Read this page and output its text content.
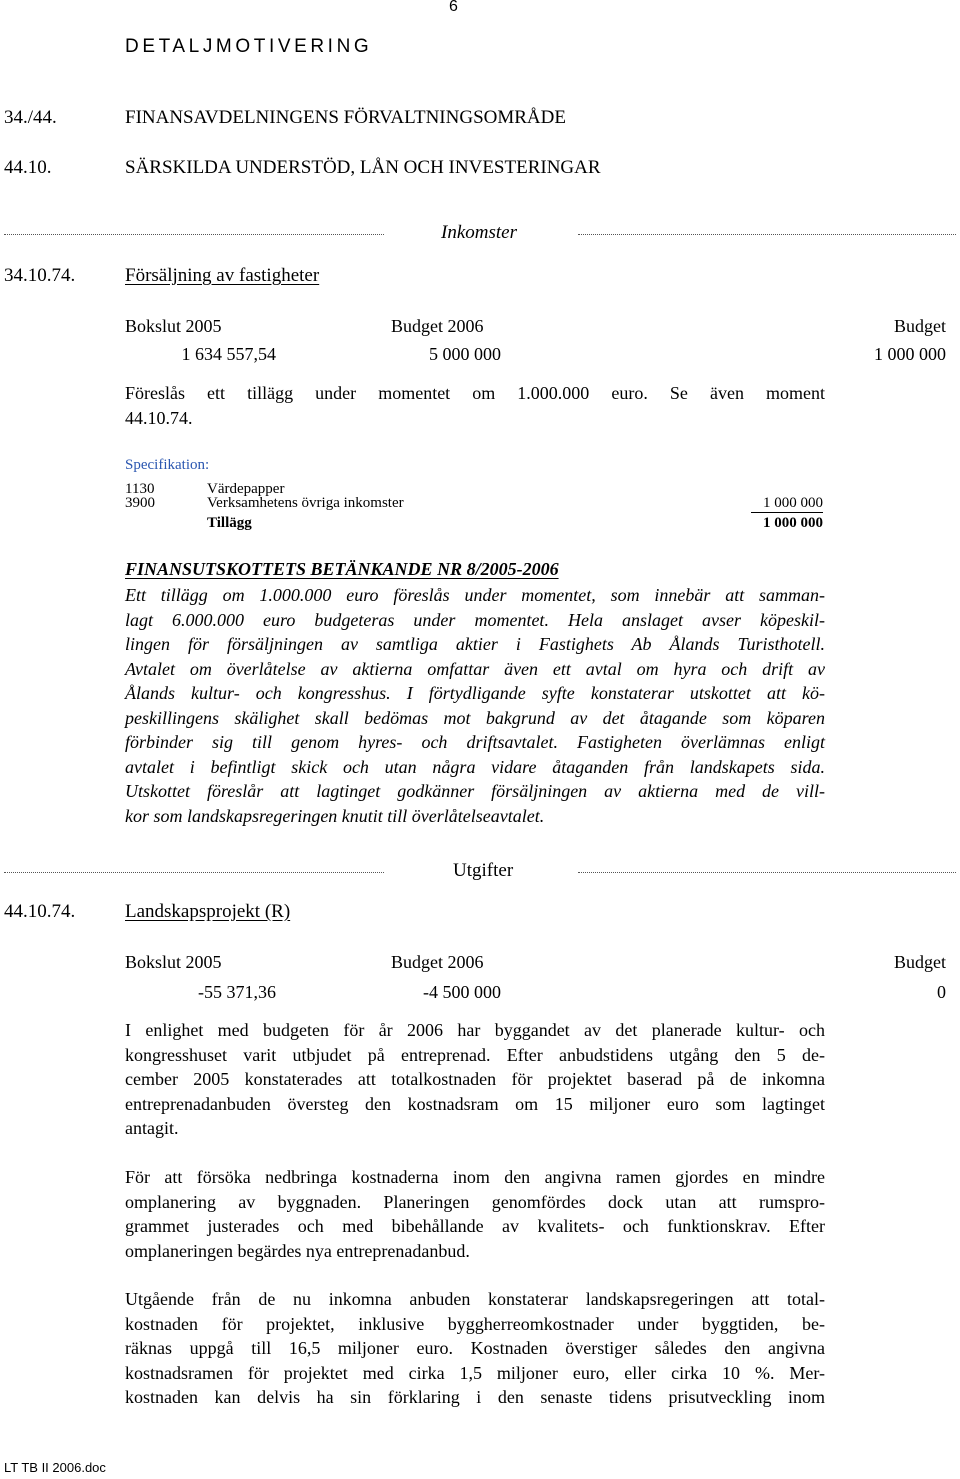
6
DETALJMOTIVERING
34./44.	FINANSAVDELNINGENS FÖRVALTNINGSOMRÅDE
44.10.	SÄRSKILDA UNDERSTÖD, LÅN OCH INVESTERINGAR
Inkomster
34.10.74.	Försäljning av fastigheter
Bokslut 2005	Budget 2006	Budget
1 634 557,54	5 000 000	1 000 000
Föreslås ett tillägg under momentet om 1.000.000 euro. Se även moment
44.10.74.
Specifikation:
1130	Värdepapper
3900	Verksamhetens övriga inkomster	1 000 000
Tillägg	1 000 000
FINANSUTSKOTTETS BETÄNKANDE NR 8/2005-2006
Ett tillägg om 1.000.000 euro föreslås under momentet, som innebär att samman-
lagt 6.000.000 euro budgeteras under momentet. Hela anslaget avser köpeskil-
lingen för försäljningen av samtliga aktier i Fastighets Ab Ålands Turisthotell.
Avtalet om överlåtelse av aktierna omfattar även ett avtal om hyra och drift av
Ålands kultur- och kongresshus. I förtydligande syfte konstaterar utskottet att kö-
peskillingens skälighet skall bedömas mot bakgrund av det åtagande som köparen
förbinder sig till genom hyres- och driftsavtalet. Fastigheten överlämnas enligt
avtalet i befintligt skick och utan några vidare åtaganden från landskapets sida.
Utskottet föreslår att lagtinget godkänner försäljningen av aktierna med de vill-
kor som landskapsregeringen knutit till överlåtelseavtalet.
Utgifter
44.10.74.	Landskapsprojekt (R)
Bokslut 2005	Budget 2006	Budget
-55 371,36	-4 500 000	0
I enlighet med budgeten för år 2006 har byggandet av det planerade kultur- och
kongresshuset varit utbjudet på entreprenad. Efter anbudstidens utgång den 5 de-
cember 2005 konstaterades att totalkostnaden för projektet baserad på de inkomna
entreprenadanbuden översteg den kostnadsram om 15 miljoner euro som lagtinget
antagit.
För att försöka nedbringa kostnaderna inom den angivna ramen gjordes en mindre
omplanering av byggnaden. Planeringen genomfördes dock utan att rumspro-
grammet justerades och med bibehållande av kvalitets- och funktionskrav. Efter
omplaneringen begärdes nya entreprenadanbud.
Utgående från de nu inkomna anbuden konstaterar landskapsregeringen att total-
kostnaden för projektet, inklusive byggherreomkostnader under byggtiden, be-
räknas uppgå till 16,5 miljoner euro. Kostnaden överstiger således den angivna
kostnadsramen för projektet med cirka 1,5 miljoner euro, eller cirka 10 %. Mer-
kostnaden kan delvis ha sin förklaring i den senaste tidens prisutveckling inom
LT TB II 2006.doc
